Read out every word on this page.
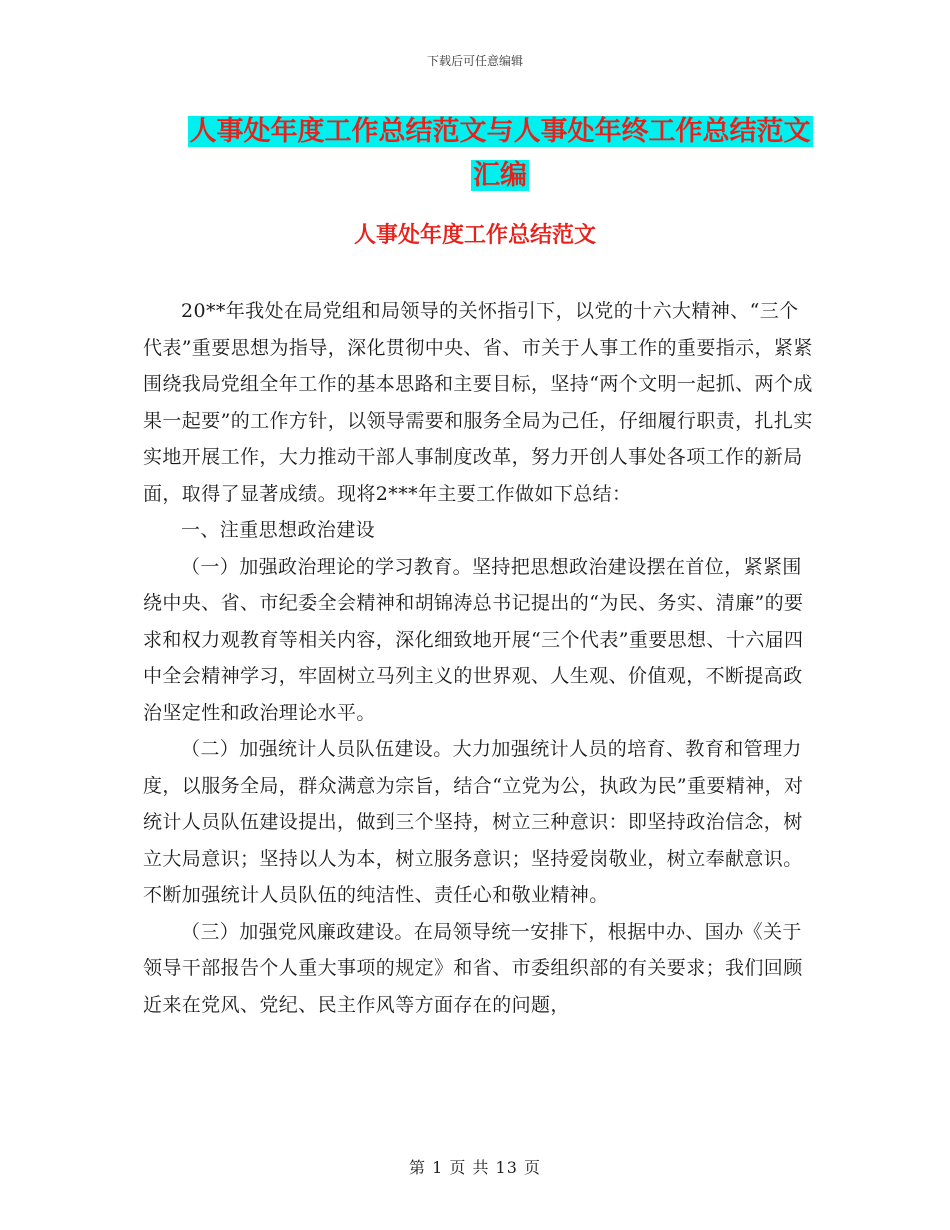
下载后可任意编辑
人事处年度工作总结范文与人事处年终工作总结范文
汇编
人事处年度工作总结范文

20**年我处在局党组和局领导的关怀指引下，以党的十六大精神、“三个代表”重要思想为指导，深化贯彻中央、省、市关于人事工作的重要指示，紧紧围绕我局党组全年工作的基本思路和主要目标，坚持“两个文明一起抓、两个成果一起要”的工作方针，以领导需要和服务全局为己任，仔细履行职责，扎扎实实地开展工作，大力推动干部人事制度改革，努力开创人事处各项工作的新局面，取得了显著成绩。现将2***年主要工作做如下总结：

一、注重思想政治建设

（一）加强政治理论的学习教育。坚持把思想政治建设摆在首位，紧紧围绕中央、省、市纪委全会精神和胡锦涛总书记提出的“为民、务实、清廉”的要求和权力观教育等相关内容，深化细致地开展“三个代表”重要思想、十六届四中全会精神学习，牢固树立马列主义的世界观、人生观、价值观，不断提高政治坚定性和政治理论水平。

（二）加强统计人员队伍建设。大力加强统计人员的培育、教育和管理力度，以服务全局，群众满意为宗旨，结合“立党为公，执政为民”重要精神，对统计人员队伍建设提出，做到三个坚持，树立三种意识：即坚持政治信念，树立大局意识；坚持以人为本，树立服务意识；坚持爱岗敬业，树立奉献意识。不断加强统计人员队伍的纯洁性、责任心和敬业精神。

（三）加强党风廉政建设。在局领导统一安排下，根据中办、国办《关于领导干部报告个人重大事项的规定》和省、市委组织部的有关要求；我们回顾近来在党风、党纪、民主作风等方面存在的问题，

第 1 页 共 13 页
